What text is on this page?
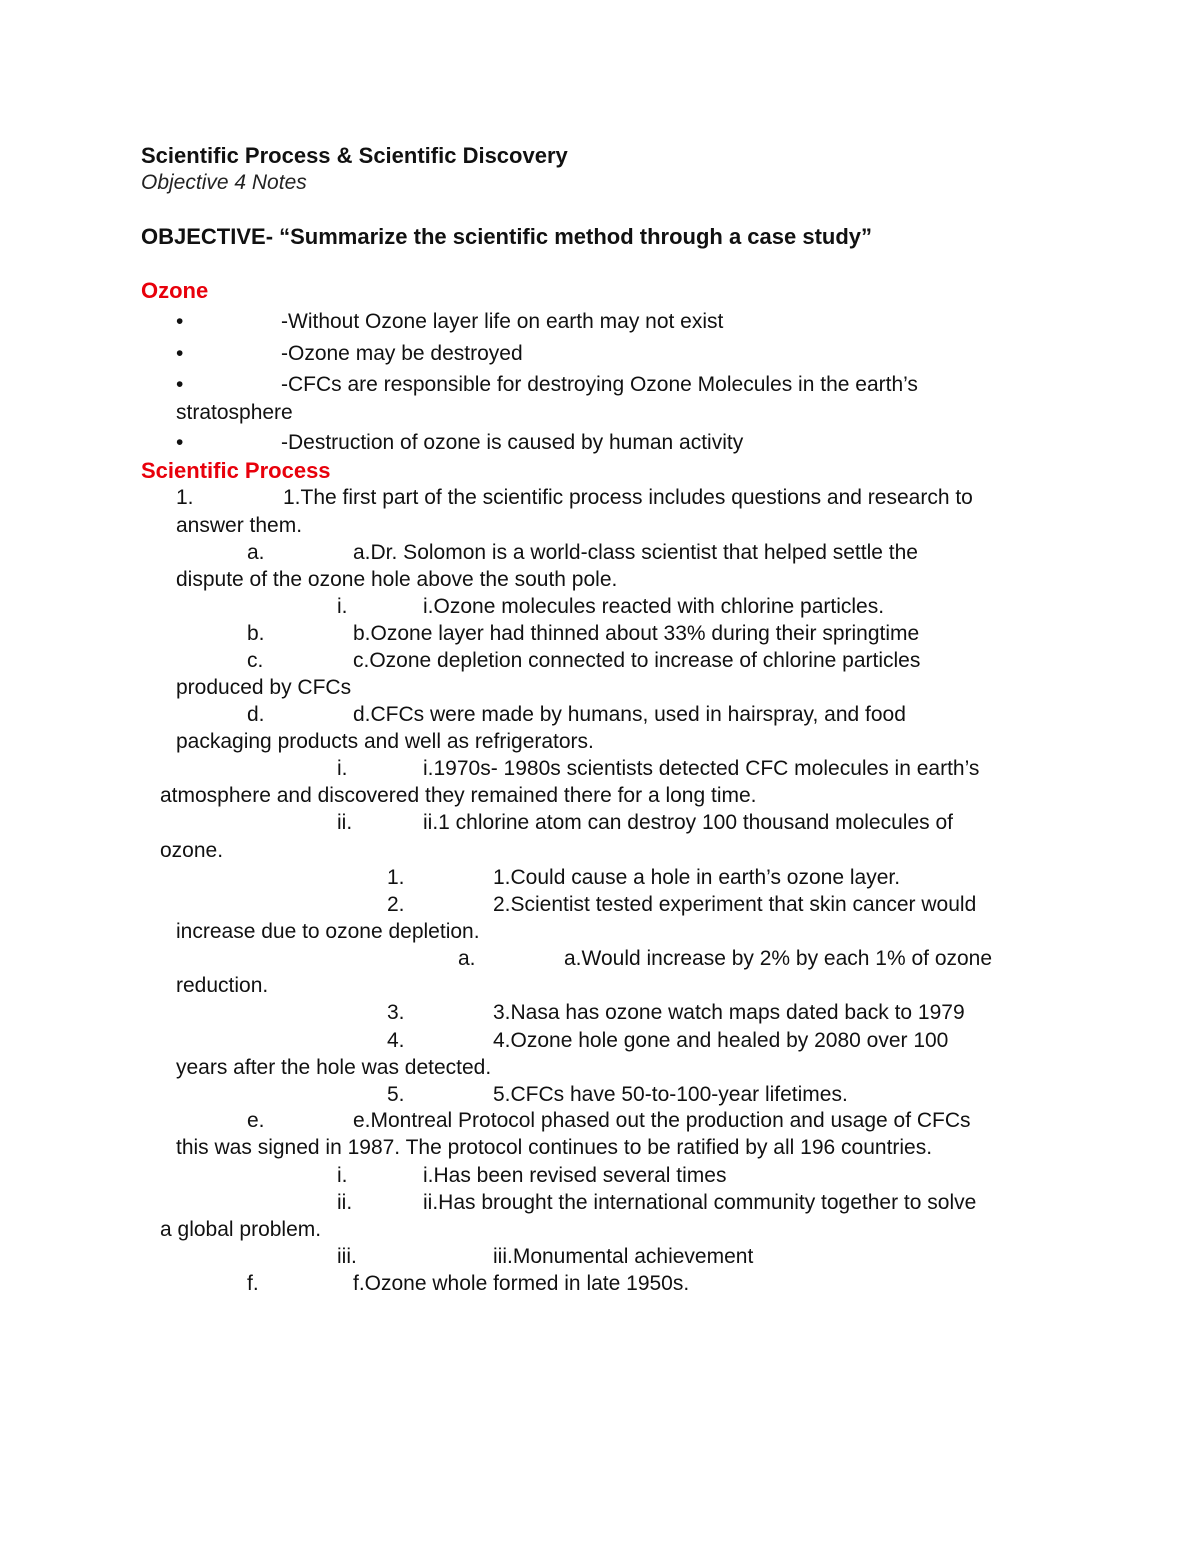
Scientific Process & Scientific Discovery
Objective 4 Notes
OBJECTIVE- “Summarize the scientific method through a case study”
Ozone
•	-Without Ozone layer life on earth may not exist
•	-Ozone may be destroyed
•	-CFCs are responsible for destroying Ozone Molecules in the earth’s
stratosphere
•	-Destruction of ozone is caused by human activity
Scientific Process
1.	1.The first part of the scientific process includes questions and research to
answer them.
a.	a.Dr. Solomon is a world-class scientist that helped settle the
dispute of the ozone hole above the south pole.
i.	i.Ozone molecules reacted with chlorine particles.
b.	b.Ozone layer had thinned about 33% during their springtime
c.	c.Ozone depletion connected to increase of chlorine particles
produced by CFCs
d.	d.CFCs were made by humans, used in hairspray, and food
packaging products and well as refrigerators.
i.	i.1970s- 1980s scientists detected CFC molecules in earth’s
atmosphere and discovered they remained there for a long time.
ii.	ii.1 chlorine atom can destroy 100 thousand molecules of
ozone.
1.	1.Could cause a hole in earth’s ozone layer.
2.	2.Scientist tested experiment that skin cancer would
increase due to ozone depletion.
a.	a.Would increase by 2% by each 1% of ozone
reduction.
3.	3.Nasa has ozone watch maps dated back to 1979
4.	4.Ozone hole gone and healed by 2080 over 100
years after the hole was detected.
5.	5.CFCs have 50-to-100-year lifetimes.
e.	e.Montreal Protocol phased out the production and usage of CFCs
this was signed in 1987. The protocol continues to be ratified by all 196 countries.
i.	i.Has been revised several times
ii.	ii.Has brought the international community together to solve
a global problem.
iii.	iii.Monumental achievement
f.	f.Ozone whole formed in late 1950s.
